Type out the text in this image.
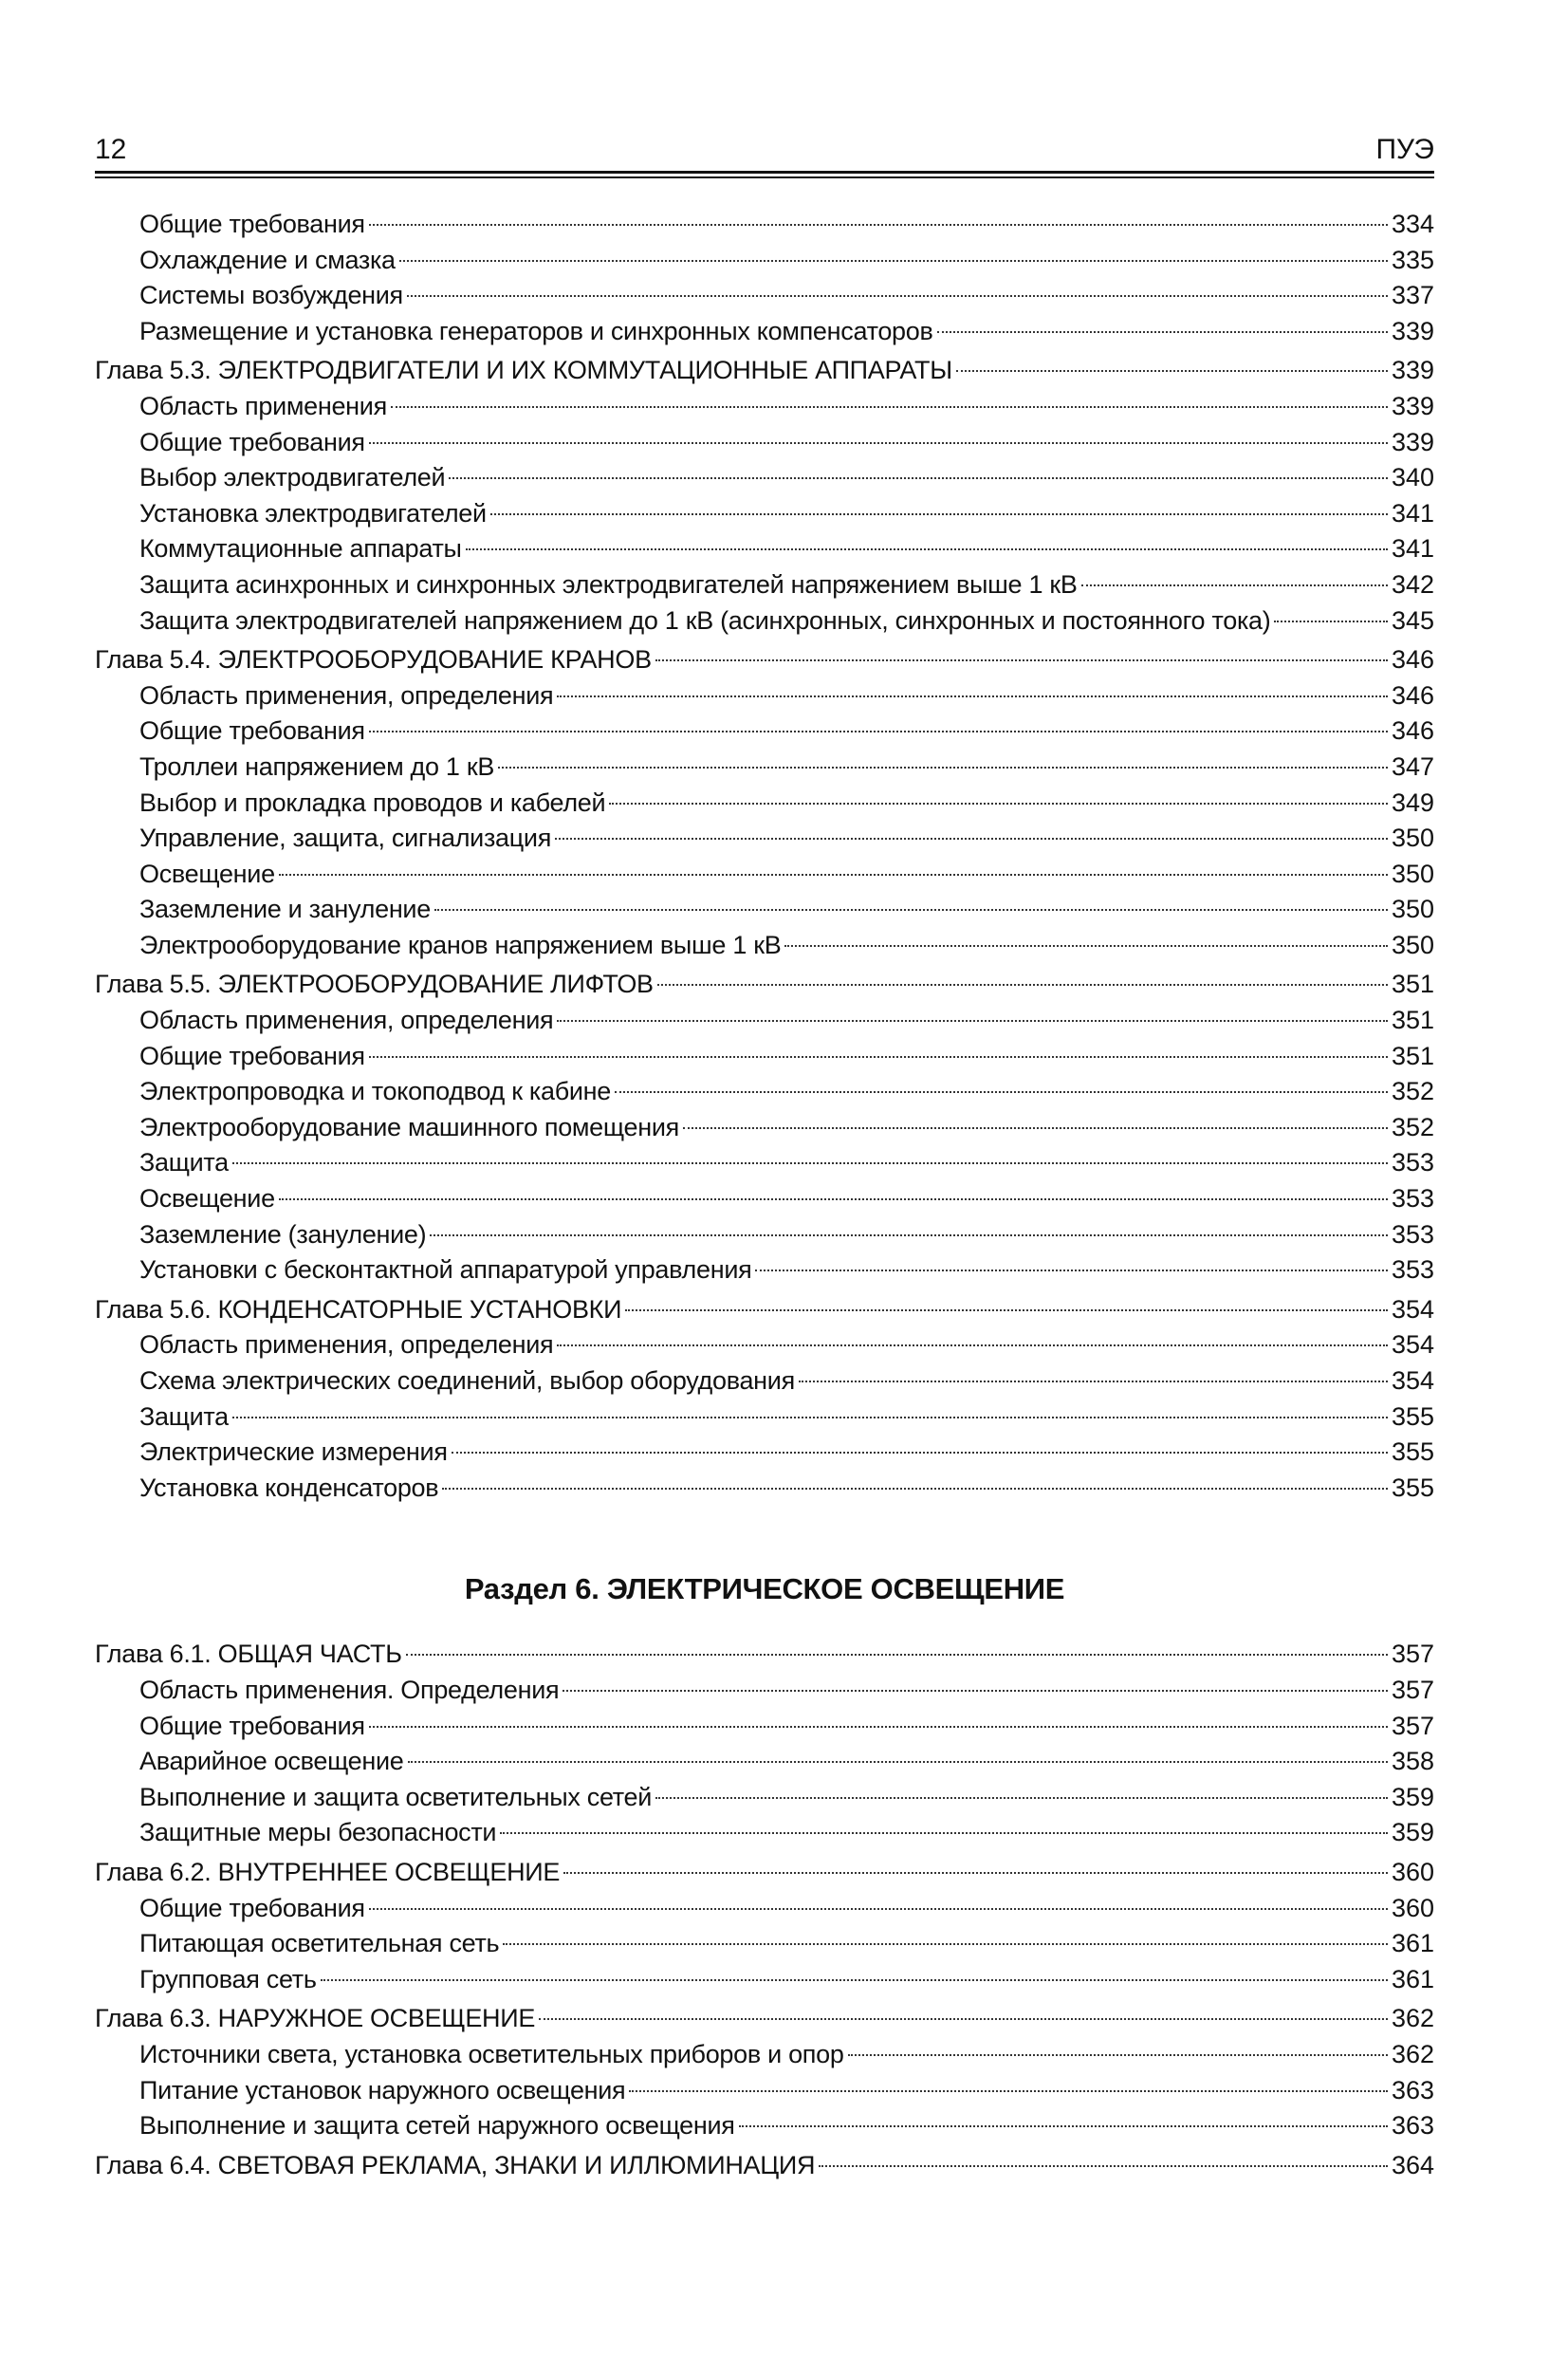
12	ПУЭ
Общие требования	334
Охлаждение и смазка	335
Системы возбуждения	337
Размещение и установка генераторов и синхронных компенсаторов	339
Глава 5.3. ЭЛЕКТРОДВИГАТЕЛИ И ИХ КОММУТАЦИОННЫЕ АППАРАТЫ	339
Область применения	339
Общие требования	339
Выбор электродвигателей	340
Установка электродвигателей	341
Коммутационные аппараты	341
Защита асинхронных и синхронных электродвигателей напряжением выше 1 кВ	342
Защита электродвигателей напряжением до 1 кВ (асинхронных, синхронных и постоянного тока)	345
Глава 5.4. ЭЛЕКТРООБОРУДОВАНИЕ КРАНОВ	346
Область применения, определения	346
Общие требования	346
Троллеи напряжением до 1 кВ	347
Выбор и прокладка проводов и кабелей	349
Управление, защита, сигнализация	350
Освещение	350
Заземление и зануление	350
Электрооборудование кранов напряжением выше 1 кВ	350
Глава 5.5. ЭЛЕКТРООБОРУДОВАНИЕ ЛИФТОВ	351
Область применения, определения	351
Общие требования	351
Электропроводка и токоподвод к кабине	352
Электрооборудование машинного помещения	352
Защита	353
Освещение	353
Заземление (зануление)	353
Установки с бесконтактной аппаратурой управления	353
Глава 5.6. КОНДЕНСАТОРНЫЕ УСТАНОВКИ	354
Область применения, определения	354
Схема электрических соединений, выбор оборудования	354
Защита	355
Электрические измерения	355
Установка конденсаторов	355
Раздел 6. ЭЛЕКТРИЧЕСКОЕ ОСВЕЩЕНИЕ
Глава 6.1. ОБЩАЯ ЧАСТЬ	357
Область применения. Определения	357
Общие требования	357
Аварийное освещение	358
Выполнение и защита осветительных сетей	359
Защитные меры безопасности	359
Глава 6.2. ВНУТРЕННЕЕ ОСВЕЩЕНИЕ	360
Общие требования	360
Питающая осветительная сеть	361
Групповая сеть	361
Глава 6.3. НАРУЖНОЕ ОСВЕЩЕНИЕ	362
Источники света, установка осветительных приборов и опор	362
Питание установок наружного освещения	363
Выполнение и защита сетей наружного освещения	363
Глава 6.4. СВЕТОВАЯ РЕКЛАМА, ЗНАКИ И ИЛЛЮМИНАЦИЯ	364
